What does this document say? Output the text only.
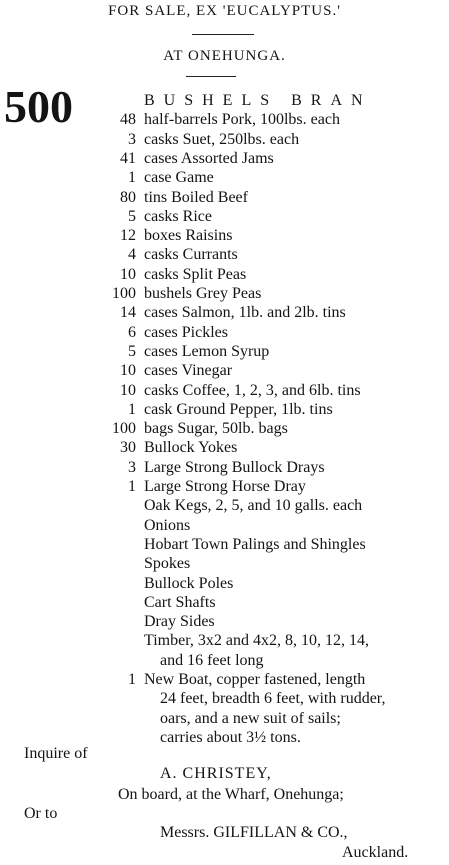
FOR SALE, EX 'EUCALYPTUS.'
AT ONEHUNGA.
500	BUSHELS BRAN
48 half-barrels Pork, 100lbs. each
3 casks Suet, 250lbs. each
41 cases Assorted Jams
1 case Game
80 tins Boiled Beef
5 casks Rice
12 boxes Raisins
4 casks Currants
10 casks Split Peas
100 bushels Grey Peas
14 cases Salmon, 1lb. and 2lb. tins
6 cases Pickles
5 cases Lemon Syrup
10 cases Vinegar
10 casks Coffee, 1, 2, 3, and 6lb. tins
1 cask Ground Pepper, 1lb. tins
100 bags Sugar, 50lb. bags
30 Bullock Yokes
3 Large Strong Bullock Drays
1 Large Strong Horse Dray
Oak Kegs, 2, 5, and 10 galls. each
Onions
Hobart Town Palings and Shingles
Spokes
Bullock Poles
Cart Shafts
Dray Sides
Timber, 3x2 and 4x2, 8, 10, 12, 14,
and 16 feet long
1 New Boat, copper fastened, length
24 feet, breadth 6 feet, with rudder,
oars, and a new suit of sails;
carries about 3½ tons.
Inquire of
A. CHRISTEY,
On board, at the Wharf, Onehunga;
Or to
Messrs. GILFILLAN & CO.,
Auckland.
